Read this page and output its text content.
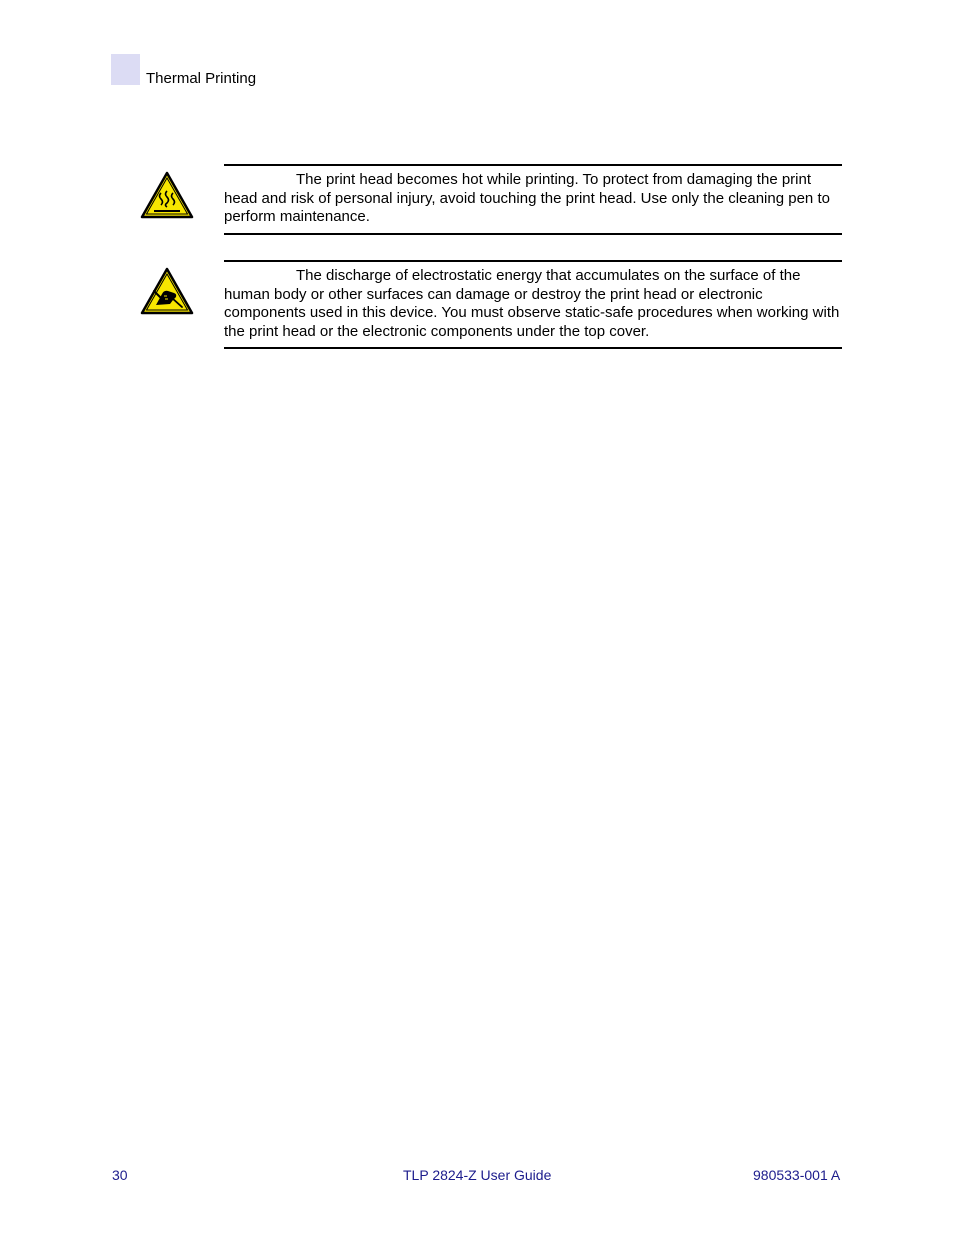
Thermal Printing

The print head becomes hot while printing. To protect from damaging the print head and risk of personal injury, avoid touching the print head. Use only the cleaning pen to perform maintenance.

The discharge of electrostatic energy that accumulates on the surface of the human body or other surfaces can damage or destroy the print head or electronic components used in this device. You must observe static-safe procedures when working with the print head or the electronic components under the top cover.

30	TLP 2824-Z User Guide	980533-001 A
